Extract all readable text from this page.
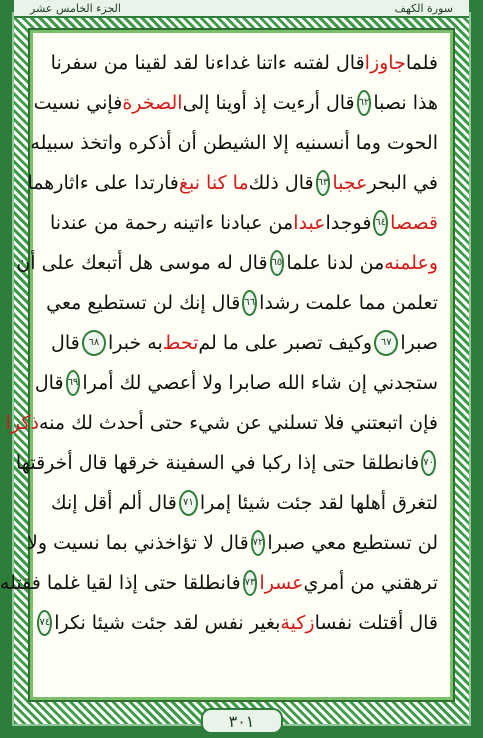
الجزء الخامس عشر	سورة الكهف
فلما
جاوزا
قال لفتىه ءاتنا غداءنا لقد لقينا من سفرنا
هذا نصبا
٦٢
قال أرءيت إذ أوينا إلى
الصخرة
فإني نسيت
الحوت وما أنسىنيه إلا الشيطن أن أذكره واتخذ سبيله
في البحر
عجبا
٦٣
قال ذلك
ما كنا نبغ
فارتدا على ءاثارهما
قصصا
٦٤
فوجدا
عبدا
من عبادنا ءاتينه رحمة من عندنا
وعلمنه
من لدنا علما
٦٥
قال له موسى هل أتبعك على أن
تعلمن مما علمت رشدا
٦٦
قال إنك لن تستطيع معي
صبرا
٦٧
وكيف تصبر على ما لم
تحط
به خبرا
٦٨
قال
ستجدني إن شاء الله صابرا ولا أعصي لك أمرا
٦٩
قال
فإن اتبعتني فلا تسلني عن شيء حتى أحدث لك منه
ذكرا
٧٠
فانطلقا حتى إذا ركبا في السفينة خرقها قال أخرقتها
لتغرق أهلها لقد جئت شيئا إمرا
٧١
قال ألم أقل إنك
لن تستطيع معي صبرا
٧٢
قال لا تؤاخذني بما نسيت ولا
ترهقني من أمري
عسرا
٧٣
فانطلقا حتى إذا لقيا غلما فقتله
قال أقتلت نفسا
زكية
بغير نفس لقد جئت شيئا نكرا
٧٤
٣٠١
